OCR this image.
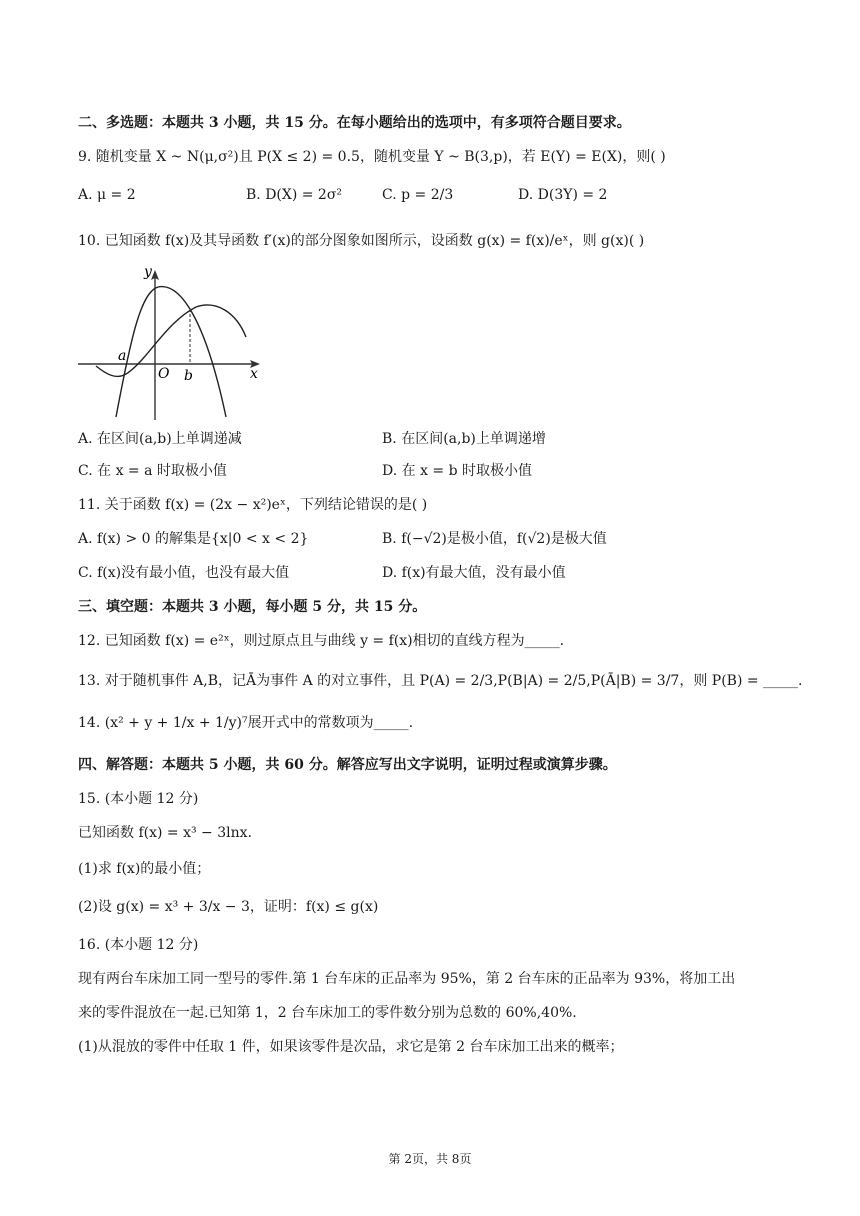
二、多选题：本题共 3 小题，共 15 分。在每小题给出的选项中，有多项符合题目要求。
9. 随机变量 X ~ N(μ,σ²)且 P(X ≤ 2) = 0.5，随机变量 Y ~ B(3,p)，若 E(Y) = E(X)，则( )
A. μ = 2	B. D(X) = 2σ²	C. p = 2/3	D. D(3Y) = 2
10. 已知函数 f(x)及其导函数 f′(x)的部分图象如图所示，设函数 g(x) = f(x)/eˣ，则 g(x)( )
y
x
a
O b
A. 在区间(a,b)上单调递减	B. 在区间(a,b)上单调递增
C. 在 x = a 时取极小值	D. 在 x = b 时取极小值
11. 关于函数 f(x) = (2x − x²)eˣ，下列结论错误的是( )
A. f(x) > 0 的解集是{x|0 < x < 2}	B. f(−√2)是极小值，f(√2)是极大值
C. f(x)没有最小值，也没有最大值	D. f(x)有最大值，没有最小值
三、填空题：本题共 3 小题，每小题 5 分，共 15 分。
12. 已知函数 f(x) = e²ˣ，则过原点且与曲线 y = f(x)相切的直线方程为_____.
13. 对于随机事件 A,B，记Ā为事件 A 的对立事件，且 P(A) = 2/3,P(B|A) = 2/5,P(Ā|B) = 3/7，则 P(B) = _____.
14. (x² + y + 1/x + 1/y)⁷展开式中的常数项为_____.
四、解答题：本题共 5 小题，共 60 分。解答应写出文字说明，证明过程或演算步骤。
15. (本小题 12 分)
已知函数 f(x) = x³ − 3lnx.
(1)求 f(x)的最小值；
(2)设 g(x) = x³ + 3/x − 3，证明：f(x) ≤ g(x)
16. (本小题 12 分)
现有两台车床加工同一型号的零件.第 1 台车床的正品率为 95%，第 2 台车床的正品率为 93%，将加工出
来的零件混放在一起.已知第 1，2 台车床加工的零件数分别为总数的 60%,40%.
(1)从混放的零件中任取 1 件，如果该零件是次品，求它是第 2 台车床加工出来的概率；
第 2页，共 8页
